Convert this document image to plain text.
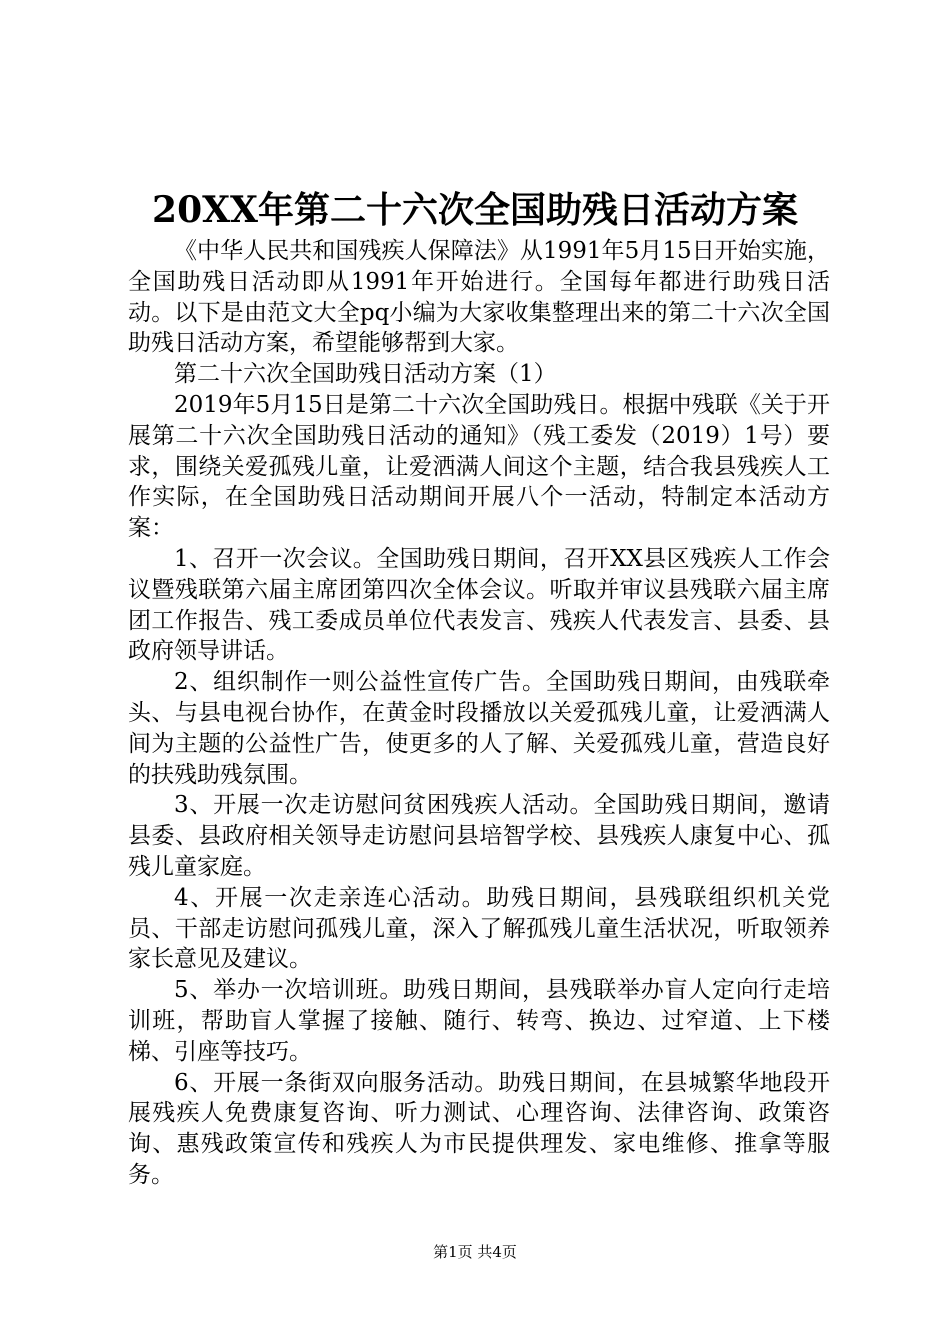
20XX年第二十六次全国助残日活动方案

《中华人民共和国残疾人保障法》从1991年5月15日开始实施，全国助残日活动即从1991年开始进行。全国每年都进行助残日活动。以下是由范文大全pq小编为大家收集整理出来的第二十六次全国助残日活动方案，希望能够帮到大家。

第二十六次全国助残日活动方案（1）

2019年5月15日是第二十六次全国助残日。根据中残联《关于开展第二十六次全国助残日活动的通知》（残工委发（2019）1号）要求，围绕关爱孤残儿童，让爱洒满人间这个主题，结合我县残疾人工作实际，在全国助残日活动期间开展八个一活动，特制定本活动方案：

1、召开一次会议。全国助残日期间，召开XX县区残疾人工作会议暨残联第六届主席团第四次全体会议。听取并审议县残联六届主席团工作报告、残工委成员单位代表发言、残疾人代表发言、县委、县政府领导讲话。

2、组织制作一则公益性宣传广告。全国助残日期间，由残联牵头、与县电视台协作，在黄金时段播放以关爱孤残儿童，让爱洒满人间为主题的公益性广告，使更多的人了解、关爱孤残儿童，营造良好的扶残助残氛围。

3、开展一次走访慰问贫困残疾人活动。全国助残日期间，邀请县委、县政府相关领导走访慰问县培智学校、县残疾人康复中心、孤残儿童家庭。

4、开展一次走亲连心活动。助残日期间，县残联组织机关党员、干部走访慰问孤残儿童，深入了解孤残儿童生活状况，听取领养家长意见及建议。

5、举办一次培训班。助残日期间，县残联举办盲人定向行走培训班，帮助盲人掌握了接触、随行、转弯、换边、过窄道、上下楼梯、引座等技巧。

6、开展一条街双向服务活动。助残日期间，在县城繁华地段开展残疾人免费康复咨询、听力测试、心理咨询、法律咨询、政策咨询、惠残政策宣传和残疾人为市民提供理发、家电维修、推拿等服务。

第1页 共4页
